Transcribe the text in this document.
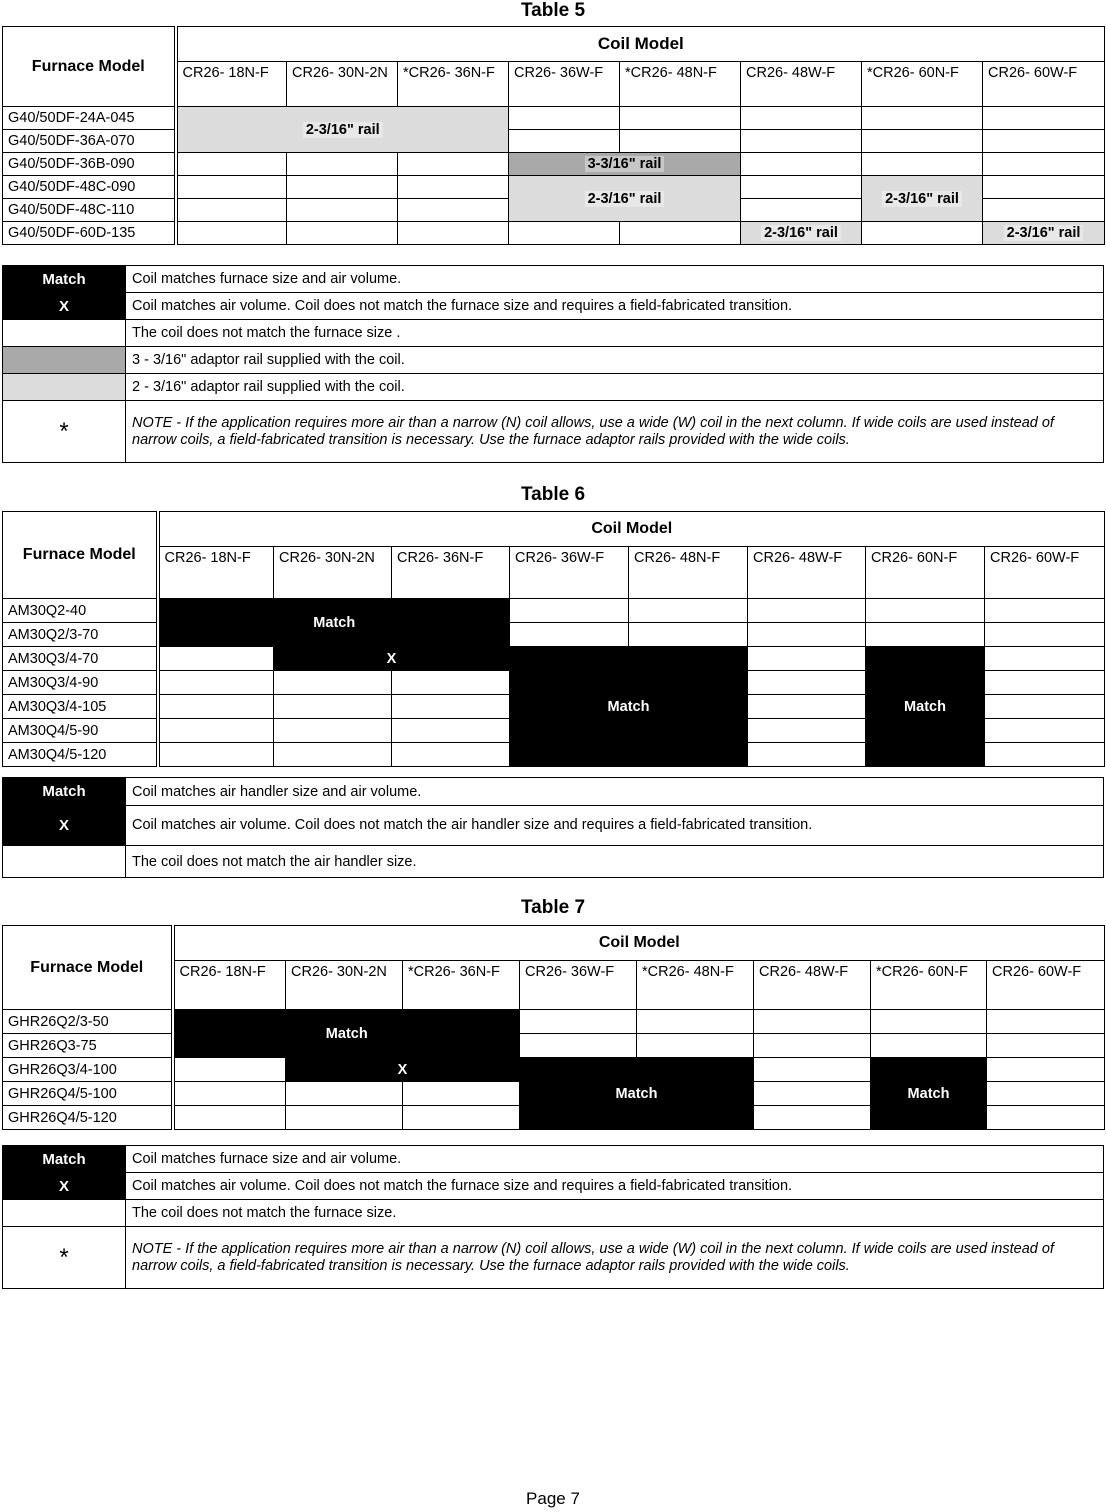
Table 5
Furnace Model	Coil Model							
	CR26- 18N-F	CR26- 30N-2N	*CR26- 36N-F	CR26- 36W-F	*CR26- 48N-F	CR26- 48W-F	*CR26- 60N-F	CR26- 60W-F
G40/50DF-24A-045	2-3/16" rail							
G40/50DF-36A-070								
G40/50DF-36B-090				3-3/16" rail				
G40/50DF-48C-090				2-3/16" rail			2-3/16" rail	
G40/50DF-48C-110								
G40/50DF-60D-135						2-3/16" rail		2-3/16" rail
Match	Coil matches furnace size and air volume.
X	Coil matches air volume. Coil does not match the furnace size and requires a field-fabricated transition.
	The coil does not match the furnace size .
	3 - 3/16" adaptor rail supplied with the coil.
	2 - 3/16" adaptor rail supplied with the coil.
*	NOTE - If the application requires more air than a narrow (N) coil allows, use a wide (W) coil in the next column. If wide coils are used instead of narrow coils, a field-fabricated transition is necessary. Use the furnace adaptor rails provided with the wide coils.
Table 6
Furnace Model	Coil Model							
	CR26- 18N-F	CR26- 30N-2N	CR26- 36N-F	CR26- 36W-F	CR26- 48N-F	CR26- 48W-F	CR26- 60N-F	CR26- 60W-F
AM30Q2-40	Match							
AM30Q2/3-70								
AM30Q3/4-70		X		Match			Match	
AM30Q3/4-90								
AM30Q3/4-105								
AM30Q4/5-90								
AM30Q4/5-120								
Match	Coil matches air handler size and air volume.
X	Coil matches air volume. Coil does not match the air handler size and requires a field-fabricated transition.
	The coil does not match the air handler size.
Table 7
Furnace Model	Coil Model							
	CR26- 18N-F	CR26- 30N-2N	*CR26- 36N-F	CR26- 36W-F	*CR26- 48N-F	CR26- 48W-F	*CR26- 60N-F	CR26- 60W-F
GHR26Q2/3-50	Match							
GHR26Q3-75								
GHR26Q3/4-100		X		Match			Match	
GHR26Q4/5-100								
GHR26Q4/5-120								
Match	Coil matches furnace size and air volume.
X	Coil matches air volume. Coil does not match the furnace size and requires a field-fabricated transition.
	The coil does not match the furnace size.
*	NOTE - If the application requires more air than a narrow (N) coil allows, use a wide (W) coil in the next column. If wide coils are used instead of narrow coils, a field-fabricated transition is necessary. Use the furnace adaptor rails provided with the wide coils.
Page 7
